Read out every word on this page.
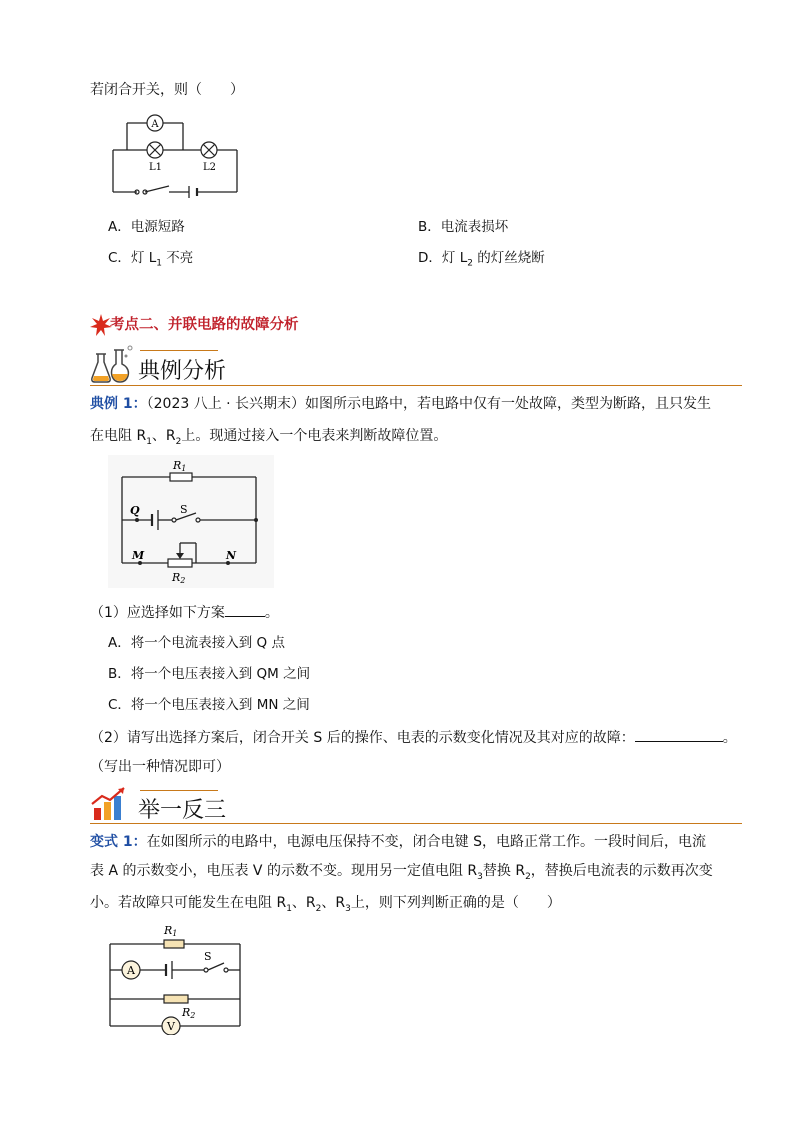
若闭合开关，则（　　）
A
L1	L2
A．电源短路	B．电流表损坏
C．灯 $L_1$ 不亮	D．灯 $L_2$ 的灯丝烧断
考点二、并联电路的故障分析
典例分析
典例 1：（2023 八上 · 长兴期末）如图所示电路中，若电路中仅有一处故障，类型为断路，且只发生
在电阻 $R_1$、$R_2$上。现通过接入一个电表来判断故障位置。
R1
Q	S
M	N
R2
（1）应选择如下方案	。
A．将一个电流表接入到 Q 点
B．将一个电压表接入到 QM 之间
C．将一个电压表接入到 MN 之间
（2）请写出选择方案后，闭合开关 S 后的操作、电表的示数变化情况及其对应的故障：	。
（写出一种情况即可）
举一反三
变式 1：在如图所示的电路中，电源电压保持不变，闭合电键 S，电路正常工作。一段时间后，电流
表 A 的示数变小，电压表 V 的示数不变。现用另一定值电阻 $R_3$替换 $R_2$，替换后电流表的示数再次变
小。若故障只可能发生在电阻 $R_1$、$R_2$、$R_3$上，则下列判断正确的是（　　）
A
V
R1
S
R2
